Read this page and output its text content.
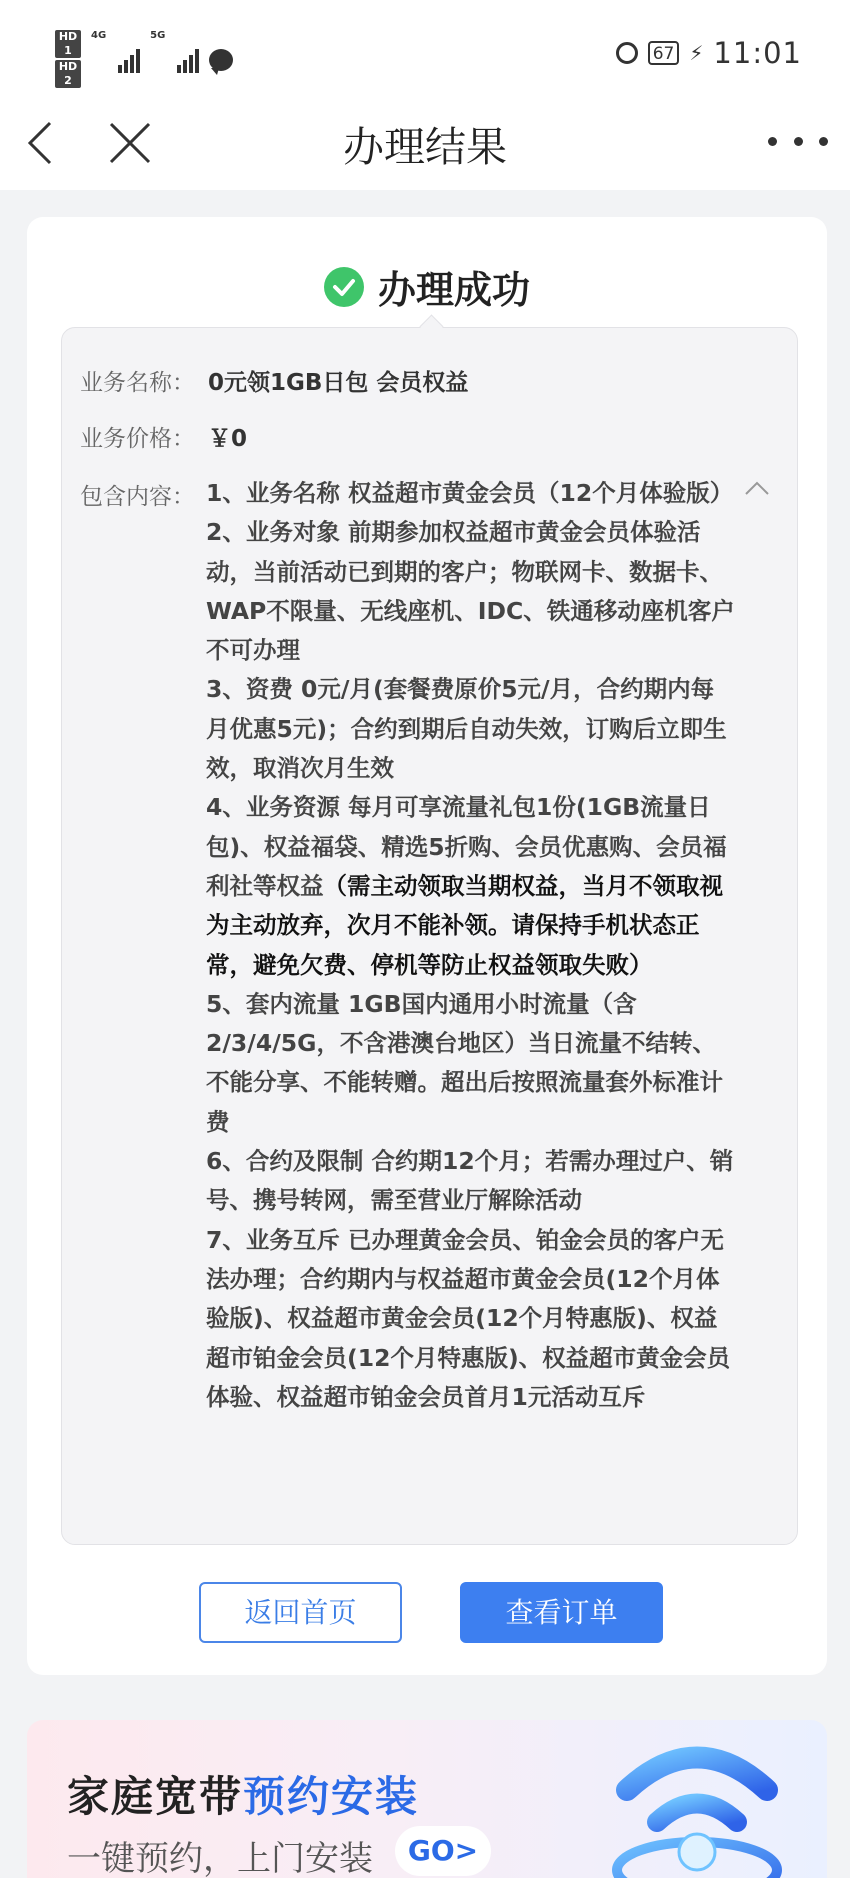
HD 1
HD 2
4G	5G
67 ⚡ 11:01
办理结果
办理成功
业务名称： 0元领1GB日包 会员权益
业务价格： ￥0
包含内容： 1、业务名称 权益超市黄金会员（12个月体验版）

2、业务对象 前期参加权益超市黄金会员体验活动，当前活动已到期的客户；物联网卡、数据卡、WAP不限量、无线座机、IDC、铁通移动座机客户不可办理

3、资费 0元/月(套餐费原价5元/月，合约期内每月优惠5元)；合约到期后自动失效，订购后立即生效，取消次月生效

4、业务资源 每月可享流量礼包1份(1GB流量日包)、权益福袋、精选5折购、会员优惠购、会员福利社等权益（需主动领取当期权益，当月不领取视为主动放弃，次月不能补领。请保持手机状态正常，避免欠费、停机等防止权益领取失败）

5、套内流量 1GB国内通用小时流量（含2/3/4/5G，不含港澳台地区）当日流量不结转、不能分享、不能转赠。超出后按照流量套外标准计费

6、合约及限制 合约期12个月；若需办理过户、销号、携号转网，需至营业厅解除活动

7、业务互斥 已办理黄金会员、铂金会员的客户无法办理；合约期内与权益超市黄金会员(12个月体验版)、权益超市黄金会员(12个月特惠版)、权益超市铂金会员(12个月特惠版)、权益超市黄金会员体验、权益超市铂金会员首月1元活动互斥

返回首页	查看订单
家庭宽带预约安装
一键预约，上门安装	GO>
